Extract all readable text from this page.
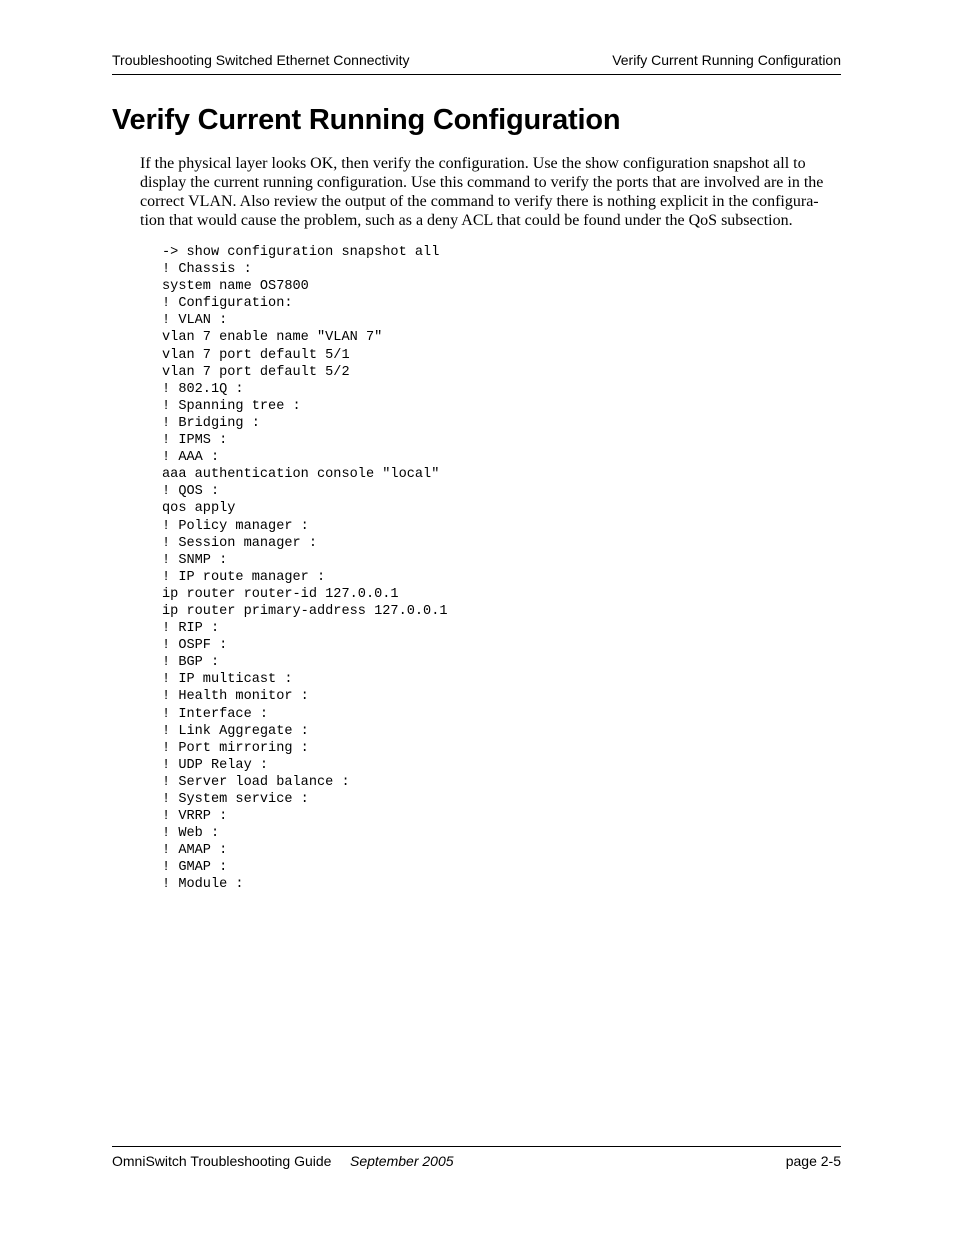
Troubleshooting Switched Ethernet Connectivity	Verify Current Running Configuration
Verify Current Running Configuration

If the physical layer looks OK, then verify the configuration. Use the show configuration snapshot all to
display the current running configuration. Use this command to verify the ports that are involved are in the
correct VLAN. Also review the output of the command to verify there is nothing explicit in the configura-
tion that would cause the problem, such as a deny ACL that could be found under the QoS subsection.

-> show configuration snapshot all
! Chassis :
system name OS7800
! Configuration:
! VLAN :
vlan 7 enable name "VLAN 7"
vlan 7 port default 5/1
vlan 7 port default 5/2
! 802.1Q :
! Spanning tree :
! Bridging :
! IPMS :
! AAA :
aaa authentication console "local"
! QOS :
qos apply
! Policy manager :
! Session manager :
! SNMP :
! IP route manager :
ip router router-id 127.0.0.1
ip router primary-address 127.0.0.1
! RIP :
! OSPF :
! BGP :
! IP multicast :
! Health monitor :
! Interface :
! Link Aggregate :
! Port mirroring :
! UDP Relay :
! Server load balance :
! System service :
! VRRP :
! Web :
! AMAP :
! GMAP :
! Module :
OmniSwitch Troubleshooting Guide September 2005	page 2-5
